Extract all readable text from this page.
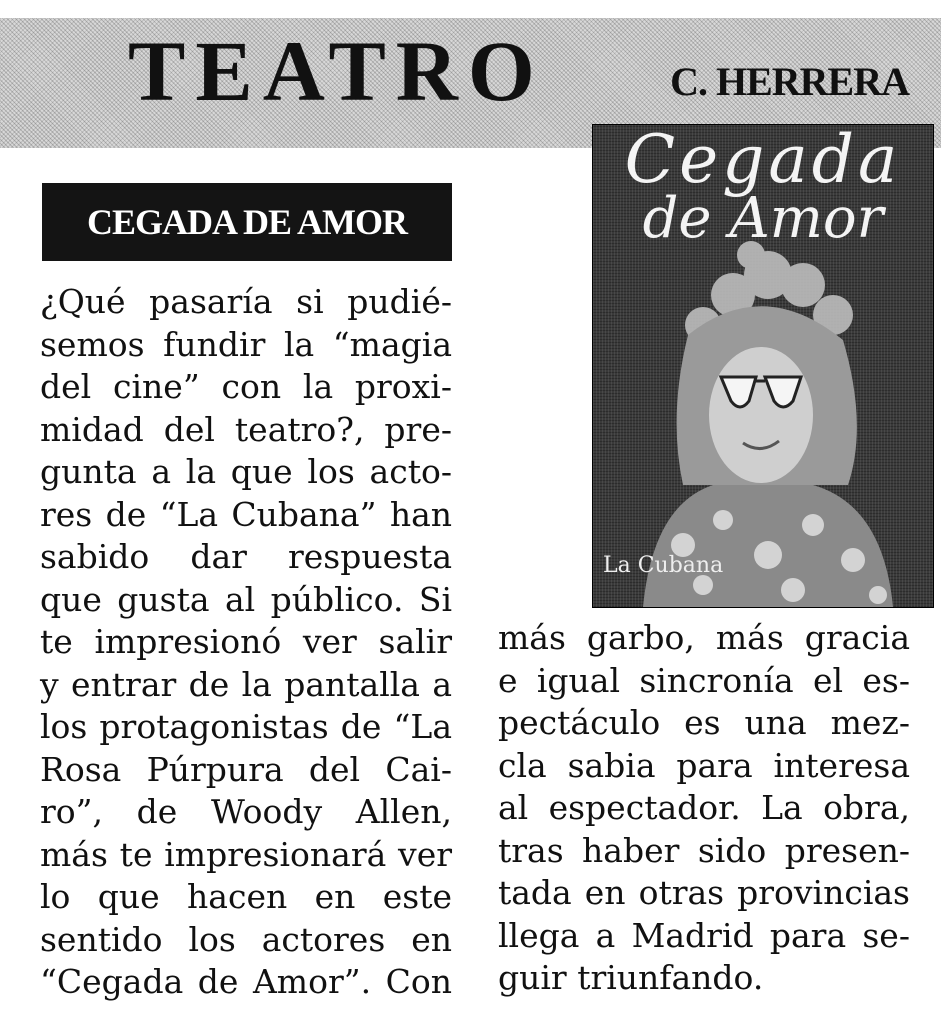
TEATRO	C. HERRERA
Cegada
de Amor
La Cubana
CEGADA DE AMOR
¿Qué pasaría si pudié-
semos fundir la “magia
del cine” con la proxi-
midad del teatro?, pre-
gunta a la que los acto-
res de “La Cubana” han
sabido dar respuesta
que gusta al público. Si
te impresionó ver salir
y entrar de la pantalla a
los protagonistas de “La
Rosa Púrpura del Cai-
ro”, de Woody Allen,
más te impresionará ver
lo que hacen en este
sentido los actores en
“Cegada de Amor”. Con
más garbo, más gracia
e igual sincronía el es-
pectáculo es una mez-
cla sabia para interesa
al espectador. La obra,
tras haber sido presen-
tada en otras provincias
llega a Madrid para se-
guir triunfando.
